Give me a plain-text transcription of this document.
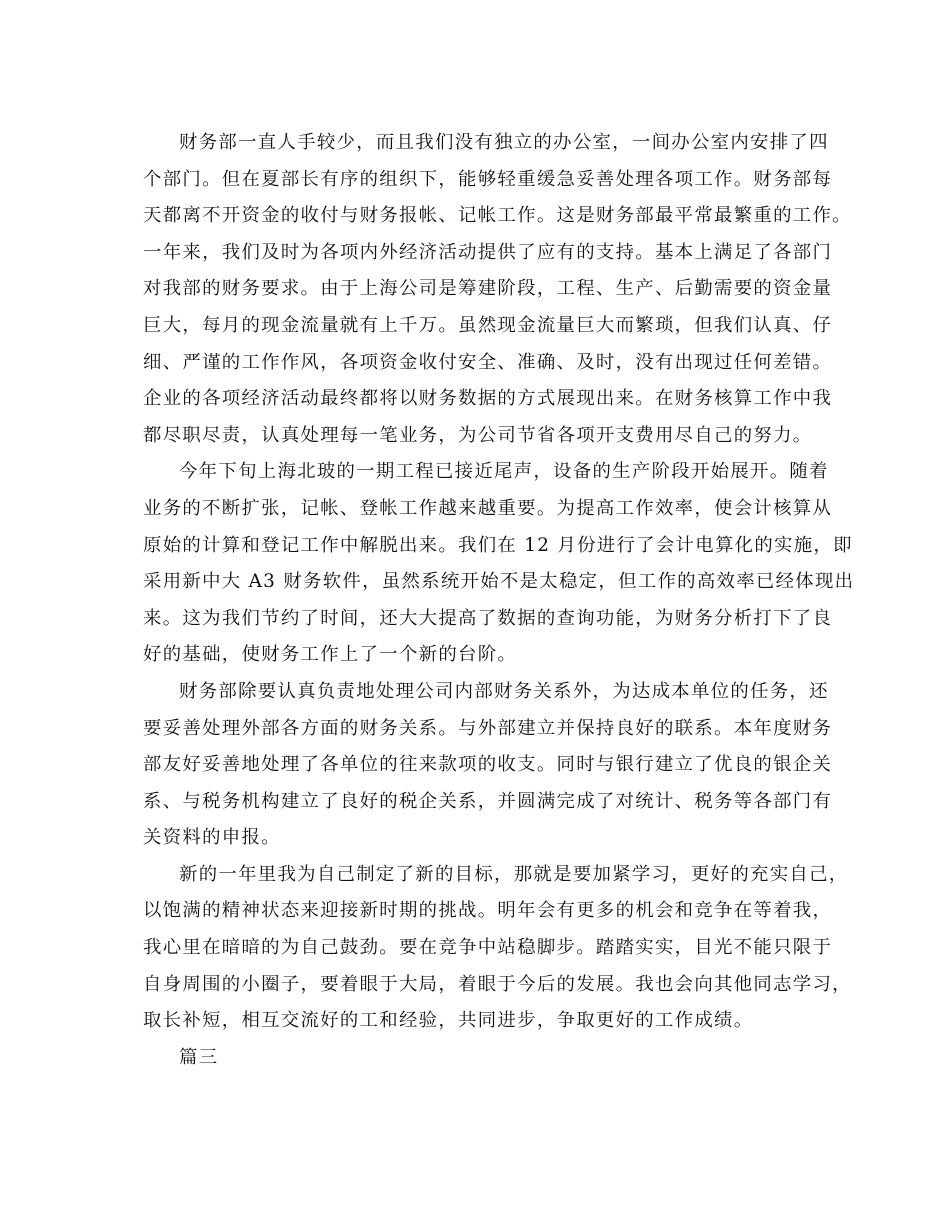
财务部一直人手较少，而且我们没有独立的办公室，一间办公室内安排了四
个部门。但在夏部长有序的组织下，能够轻重缓急妥善处理各项工作。财务部每
天都离不开资金的收付与财务报帐、记帐工作。这是财务部最平常最繁重的工作。
一年来，我们及时为各项内外经济活动提供了应有的支持。基本上满足了各部门
对我部的财务要求。由于上海公司是筹建阶段，工程、生产、后勤需要的资金量
巨大，每月的现金流量就有上千万。虽然现金流量巨大而繁琐，但我们认真、仔
细、严谨的工作作风，各项资金收付安全、准确、及时，没有出现过任何差错。
企业的各项经济活动最终都将以财务数据的方式展现出来。在财务核算工作中我
都尽职尽责，认真处理每一笔业务，为公司节省各项开支费用尽自己的努力。
今年下旬上海北玻的一期工程已接近尾声，设备的生产阶段开始展开。随着
业务的不断扩张，记帐、登帐工作越来越重要。为提高工作效率，使会计核算从
原始的计算和登记工作中解脱出来。我们在 12 月份进行了会计电算化的实施，即
采用新中大 A3 财务软件，虽然系统开始不是太稳定，但工作的高效率已经体现出
来。这为我们节约了时间，还大大提高了数据的查询功能，为财务分析打下了良
好的基础，使财务工作上了一个新的台阶。
财务部除要认真负责地处理公司内部财务关系外，为达成本单位的任务，还
要妥善处理外部各方面的财务关系。与外部建立并保持良好的联系。本年度财务
部友好妥善地处理了各单位的往来款项的收支。同时与银行建立了优良的银企关
系、与税务机构建立了良好的税企关系，并圆满完成了对统计、税务等各部门有
关资料的申报。
新的一年里我为自己制定了新的目标，那就是要加紧学习，更好的充实自己，
以饱满的精神状态来迎接新时期的挑战。明年会有更多的机会和竞争在等着我，
我心里在暗暗的为自己鼓劲。要在竞争中站稳脚步。踏踏实实，目光不能只限于
自身周围的小圈子，要着眼于大局，着眼于今后的发展。我也会向其他同志学习，
取长补短，相互交流好的工和经验，共同进步，争取更好的工作成绩。
篇三
